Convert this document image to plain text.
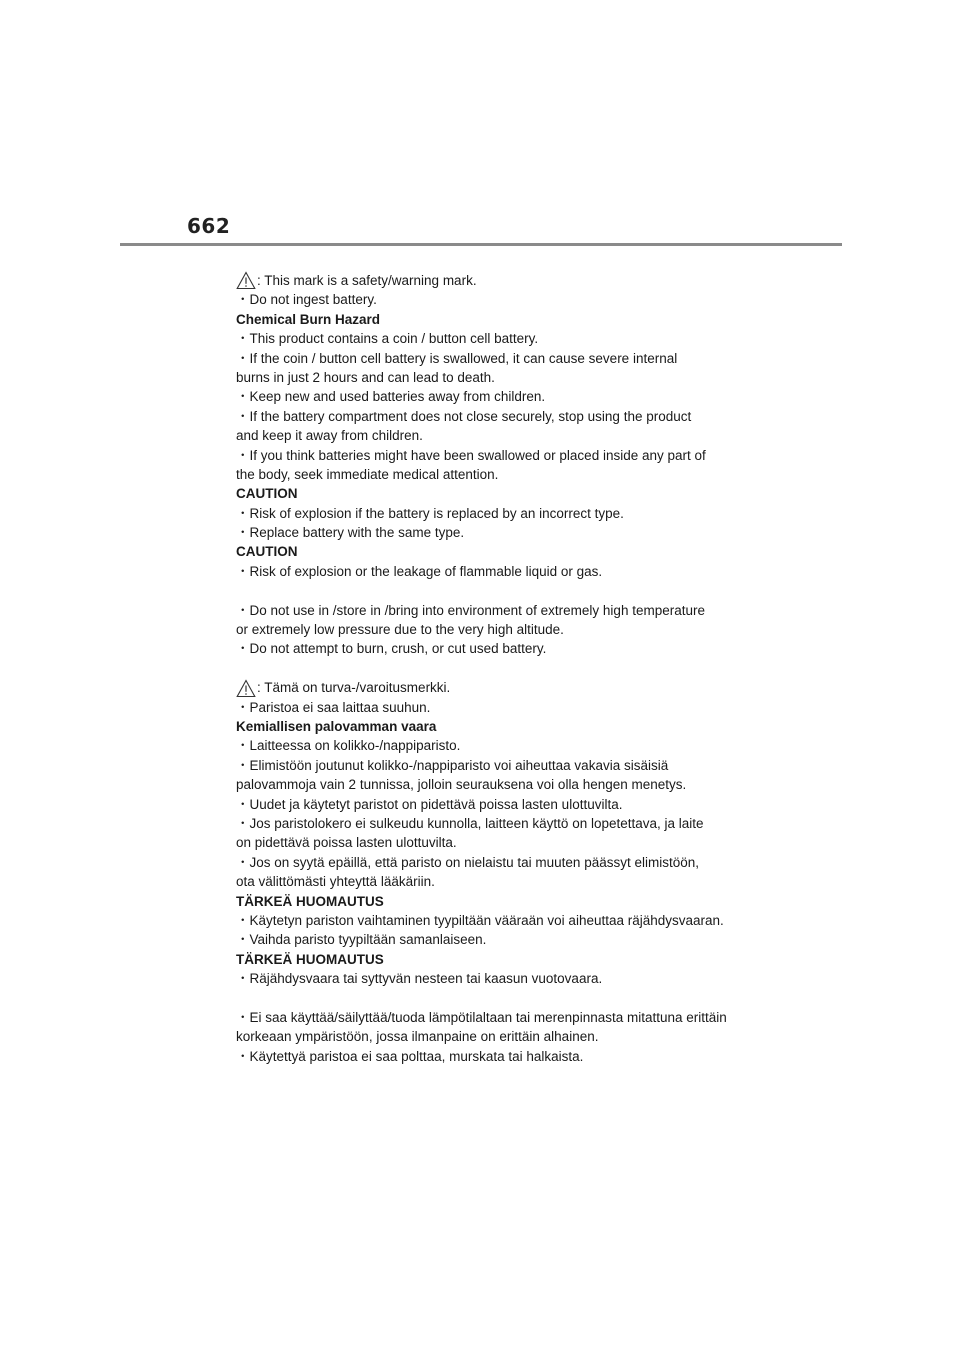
662
: This mark is a safety/warning mark.
・Do not ingest battery.
Chemical Burn Hazard
・This product contains a coin / button cell battery.
・If the coin / button cell battery is swallowed, it can cause severe internal
burns in just 2 hours and can lead to death.
・Keep new and used batteries away from children.
・If the battery compartment does not close securely, stop using the product
and keep it away from children.
・If you think batteries might have been swallowed or placed inside any part of
the body, seek immediate medical attention.
CAUTION
・Risk of explosion if the battery is replaced by an incorrect type.
・Replace battery with the same type.
CAUTION
・Risk of explosion or the leakage of flammable liquid or gas.
・Do not use in /store in /bring into environment of extremely high temperature
or extremely low pressure due to the very high altitude.
・Do not attempt to burn, crush, or cut used battery.
: Tämä on turva-/varoitusmerkki.
・Paristoa ei saa laittaa suuhun.
Kemiallisen palovamman vaara
・Laitteessa on kolikko-/nappiparisto.
・Elimistöön joutunut kolikko-/nappiparisto voi aiheuttaa vakavia sisäisiä
palovammoja vain 2 tunnissa, jolloin seurauksena voi olla hengen menetys.
・Uudet ja käytetyt paristot on pidettävä poissa lasten ulottuvilta.
・Jos paristolokero ei sulkeudu kunnolla, laitteen käyttö on lopetettava, ja laite
on pidettävä poissa lasten ulottuvilta.
・Jos on syytä epäillä, että paristo on nielaistu tai muuten päässyt elimistöön,
ota välittömästi yhteyttä lääkäriin.
TÄRKEÄ HUOMAUTUS
・Käytetyn pariston vaihtaminen tyypiltään vääraän voi aiheuttaa räjähdysvaaran.
・Vaihda paristo tyypiltään samanlaiseen.
TÄRKEÄ HUOMAUTUS
・Räjähdysvaara tai syttyvän nesteen tai kaasun vuotovaara.
・Ei saa käyttää/säilyttää/tuoda lämpötilaltaan tai merenpinnasta mitattuna erittäin
korkeaan ympäristöön, jossa ilmanpaine on erittäin alhainen.
・Käytettyä paristoa ei saa polttaa, murskata tai halkaista.
